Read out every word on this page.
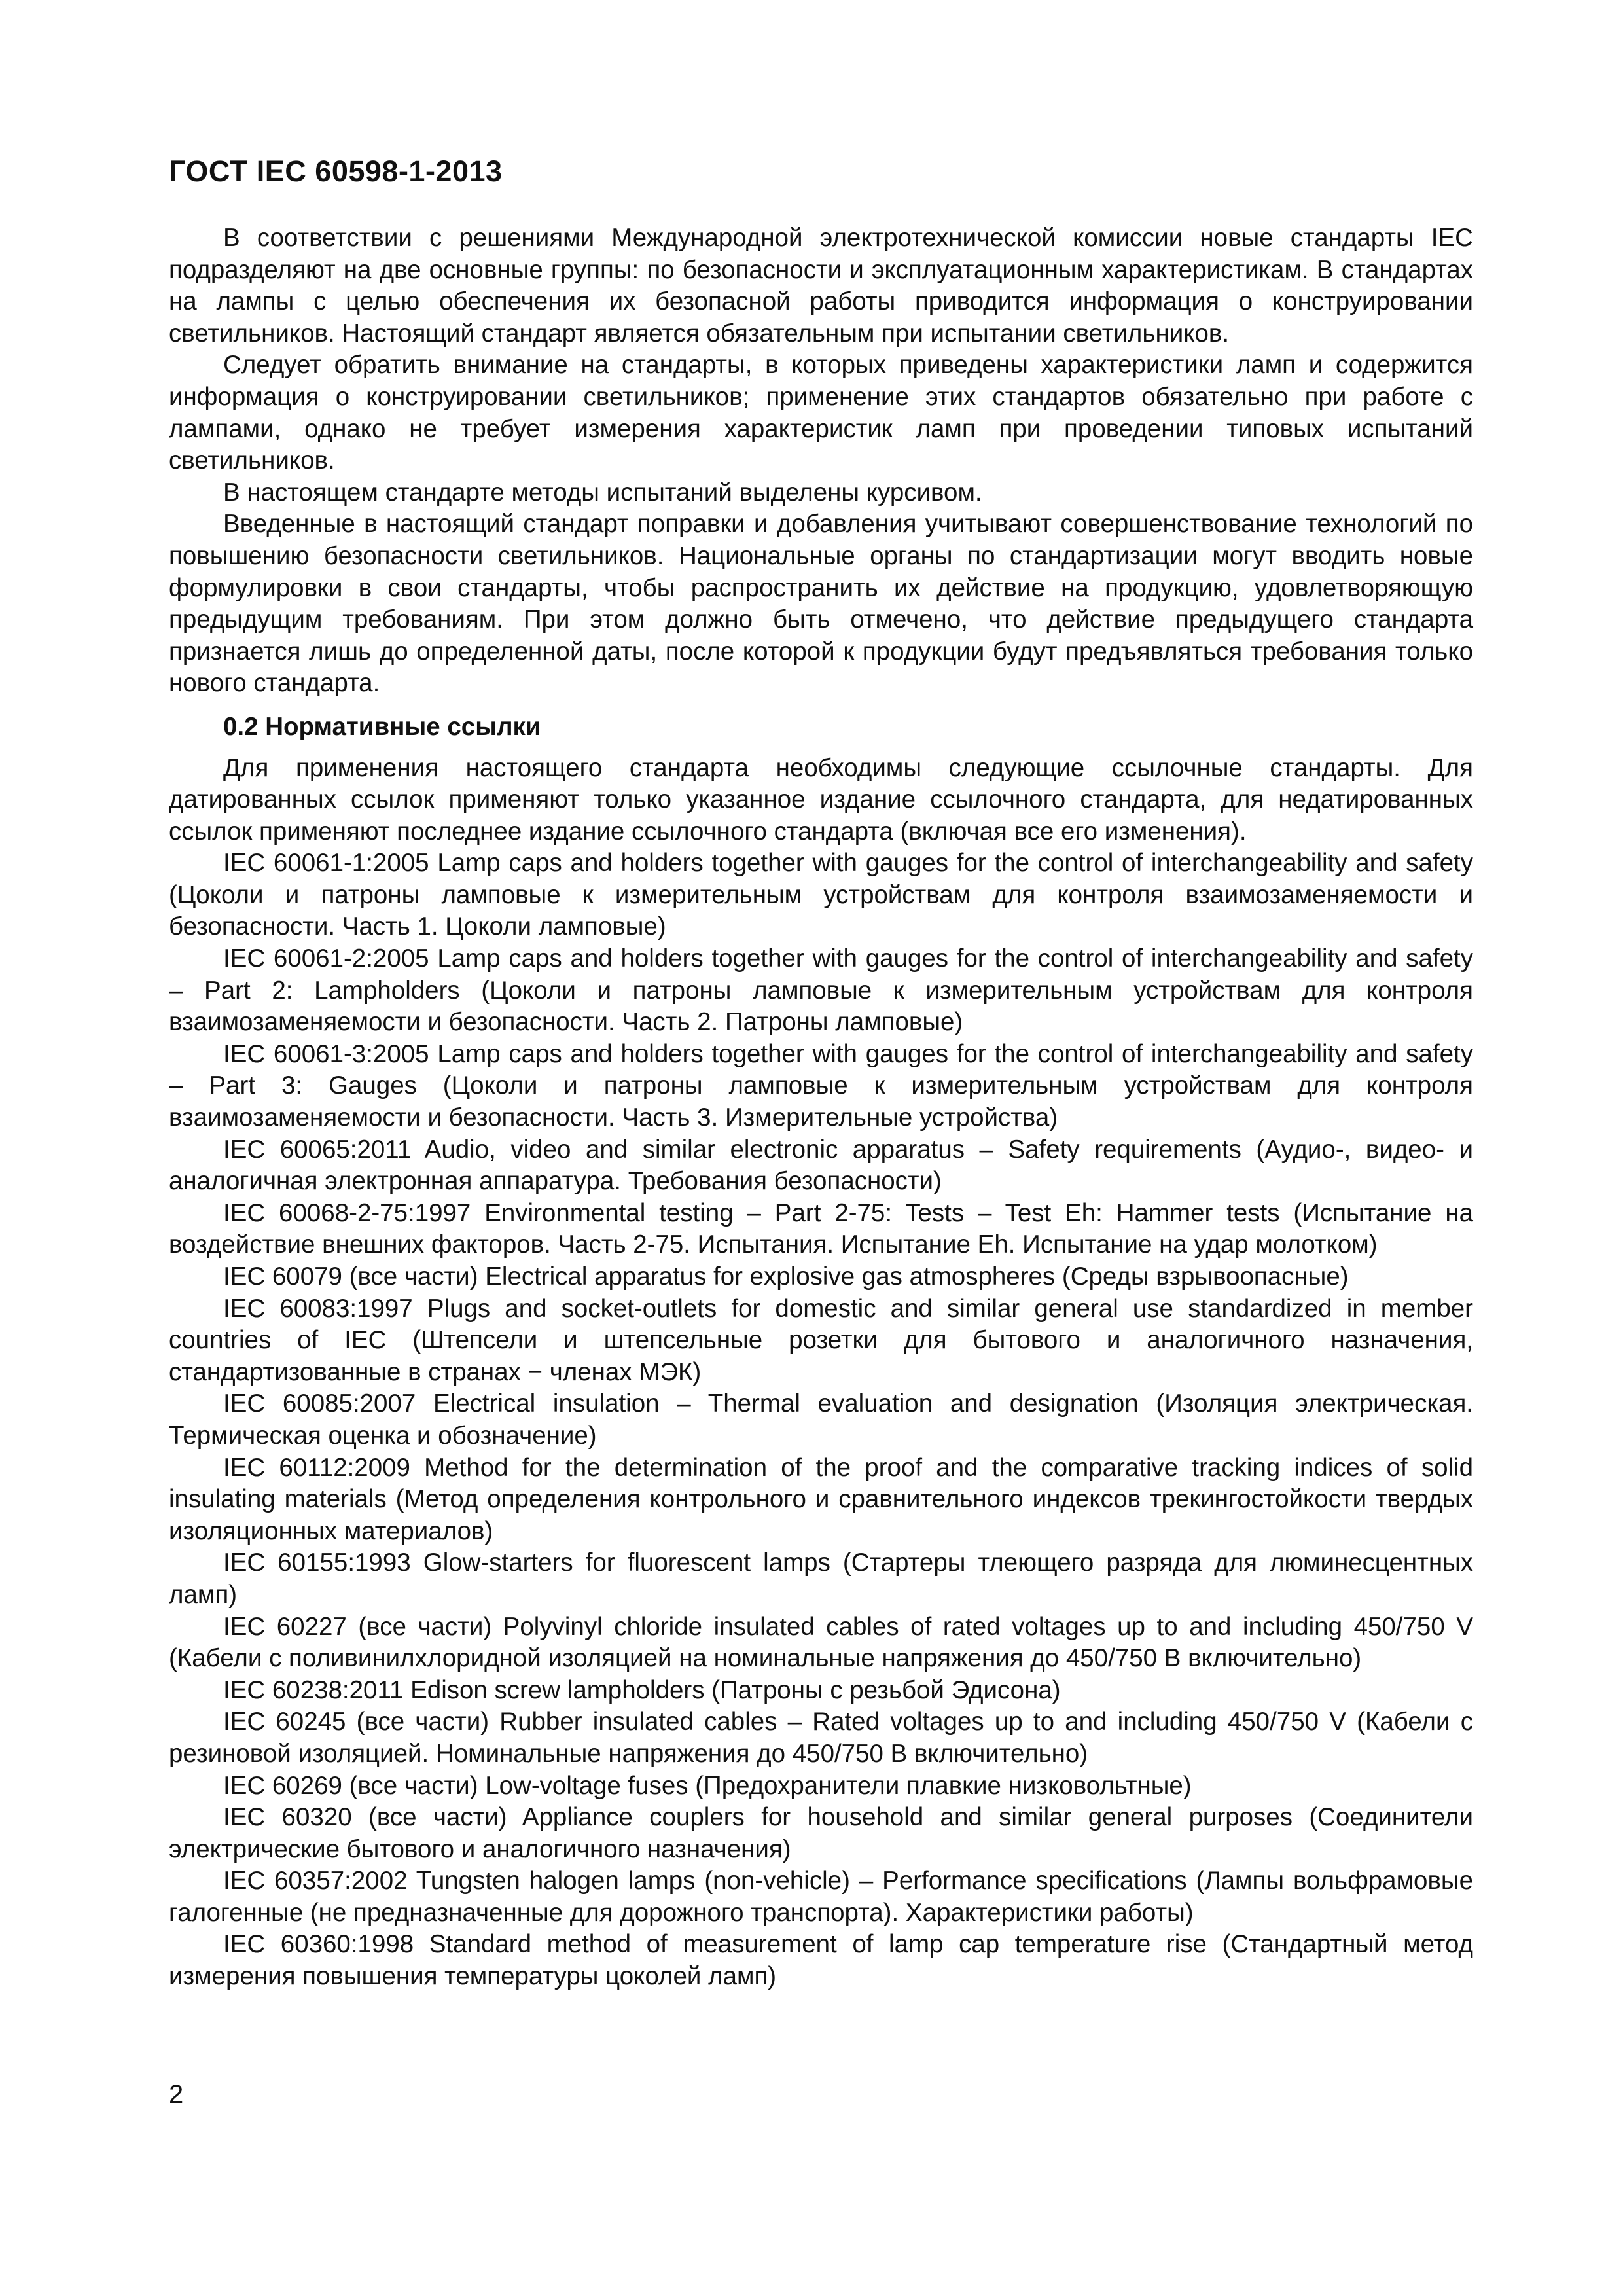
ГОСТ IEC 60598-1-2013

В соответствии с решениями Международной электротехнической комиссии новые стандарты IEC подразделяют на две основные группы: по безопасности и эксплуатационным характеристикам. В стандартах на лампы с целью обеспечения их безопасной работы приводится информация о конструировании светильников. Настоящий стандарт является обязательным при испытании светильников.

Следует обратить внимание на стандарты, в которых приведены характеристики ламп и содержится информация о конструировании светильников; применение этих стандартов обязательно при работе с лампами, однако не требует измерения характеристик ламп при проведении типовых испытаний светильников.

В настоящем стандарте методы испытаний выделены курсивом.

Введенные в настоящий стандарт поправки и добавления учитывают совершенствование технологий по повышению безопасности светильников. Национальные органы по стандартизации могут вводить новые формулировки в свои стандарты, чтобы распространить их действие на продукцию, удовлетворяющую предыдущим требованиям. При этом должно быть отмечено, что действие предыдущего стандарта признается лишь до определенной даты, после которой к продукции будут предъявляться требования только нового стандарта.

0.2 Нормативные ссылки

Для применения настоящего стандарта необходимы следующие ссылочные стандарты. Для датированных ссылок применяют только указанное издание ссылочного стандарта, для недатированных ссылок применяют последнее издание ссылочного стандарта (включая все его изменения).

IEC 60061-1:2005 Lamp caps and holders together with gauges for the control of interchangeability and safety (Цоколи и патроны ламповые к измерительным устройствам для контроля взаимозаменяемости и безопасности. Часть 1. Цоколи ламповые)

IEC 60061-2:2005 Lamp caps and holders together with gauges for the control of interchangeability and safety – Part 2: Lampholders (Цоколи и патроны ламповые к измерительным устройствам для контроля взаимозаменяемости и безопасности. Часть 2. Патроны ламповые)

IEC 60061-3:2005 Lamp caps and holders together with gauges for the control of interchangeability and safety – Part 3: Gauges (Цоколи и патроны ламповые к измерительным устройствам для контроля взаимозаменяемости и безопасности. Часть 3. Измерительные устройства)

IEC 60065:2011 Audio, video and similar electronic apparatus – Safety requirements (Аудио-, видео- и аналогичная электронная аппаратура. Требования безопасности)

IEC 60068-2-75:1997 Environmental testing – Part 2-75: Tests – Test Eh: Hammer tests (Испытание на воздействие внешних факторов. Часть 2-75. Испытания. Испытание Eh. Испытание на удар молотком)

IEC 60079 (все части) Electrical apparatus for explosive gas atmospheres (Среды взрывоопасные)

IEC 60083:1997 Plugs and socket-outlets for domestic and similar general use standardized in member countries of IEC (Штепсели и штепсельные розетки для бытового и аналогичного назначения, стандартизованные в странах − членах МЭК)

IEC 60085:2007 Electrical insulation – Thermal evaluation and designation (Изоляция электрическая. Термическая оценка и обозначение)

IEC 60112:2009 Method for the determination of the proof and the comparative tracking indices of solid insulating materials (Метод определения контрольного и сравнительного индексов трекингостойкости твердых изоляционных материалов)

IEC 60155:1993 Glow-starters for fluorescent lamps (Стартеры тлеющего разряда для люминесцентных ламп)

IEC 60227 (все части) Polyvinyl chloride insulated cables of rated voltages up to and including 450/750 V (Кабели с поливинилхлоридной изоляцией на номинальные напряжения до 450/750 В включительно)

IEC 60238:2011 Edison screw lampholders (Патроны с резьбой Эдисона)

IEC 60245 (все части) Rubber insulated cables – Rated voltages up to and including 450/750 V (Кабели с резиновой изоляцией. Номинальные напряжения до 450/750 В включительно)

IEC 60269 (все части) Low-voltage fuses (Предохранители плавкие низковольтные)

IEC 60320 (все части) Appliance couplers for household and similar general purposes (Соединители электрические бытового и аналогичного назначения)

IEC 60357:2002 Tungsten halogen lamps (non-vehicle) – Performance specifications (Лампы вольфрамовые галогенные (не предназначенные для дорожного транспорта). Характеристики работы)

IEC 60360:1998 Standard method of measurement of lamp cap temperature rise (Стандартный метод измерения повышения температуры цоколей ламп)

2
